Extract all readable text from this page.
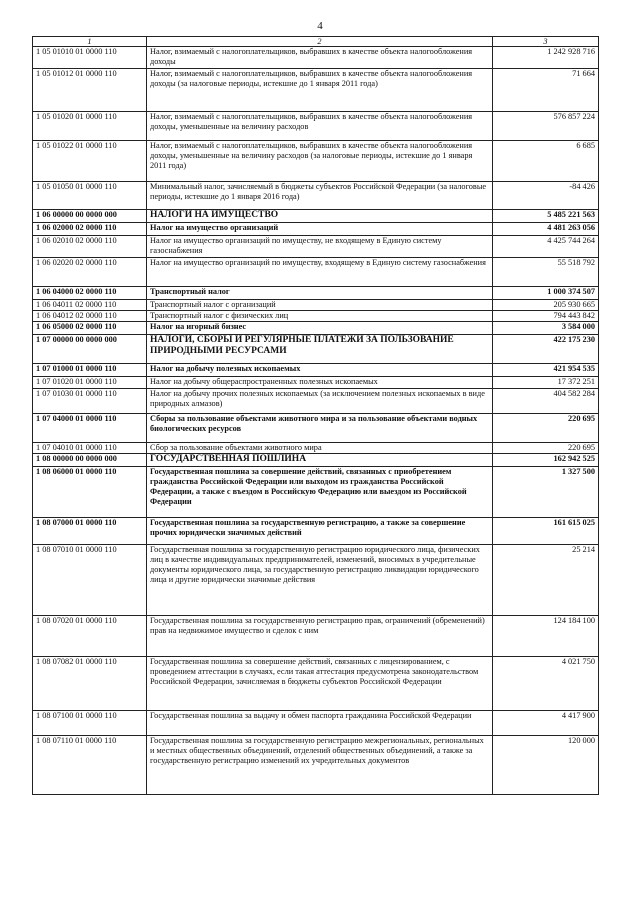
4
1	2	3
1 05 01010 01 0000 110	Налог, взимаемый с налогоплательщиков, выбравших в качестве объекта налогообложения доходы	1 242 928 716
1 05 01012 01 0000 110	Налог, взимаемый с налогоплательщиков, выбравших в качестве объекта налогообложения доходы (за налоговые периоды, истекшие до 1 января 2011 года)	71 664
1 05 01020 01 0000 110	Налог, взимаемый с налогоплательщиков, выбравших в качестве объекта налогообложения доходы, уменьшенные на величину расходов	576 857 224
1 05 01022 01 0000 110	Налог, взимаемый с налогоплательщиков, выбравших в качестве объекта налогообложения доходы, уменьшенные на величину расходов (за налоговые периоды, истекшие до 1 января 2011 года)	6 685
1 05 01050 01 0000 110	Минимальный налог, зачисляемый в бюджеты субъектов Российской Федерации (за налоговые периоды, истекшие до 1 января 2016 года)	-84 426
1 06 00000 00 0000 000	НАЛОГИ НА ИМУЩЕСТВО	5 485 221 563
1 06 02000 02 0000 110	Налог на имущество организаций	4 481 263 056
1 06 02010 02 0000 110	Налог на имущество организаций по имуществу, не входящему в Единую систему газоснабжения	4 425 744 264
1 06 02020 02 0000 110	Налог на имущество организаций по имуществу, входящему в Единую систему газоснабжения	55 518 792
1 06 04000 02 0000 110	Транспортный налог	1 000 374 507
1 06 04011 02 0000 110	Транспортный налог с организаций	205 930 665
1 06 04012 02 0000 110	Транспортный налог с физических лиц	794 443 842
1 06 05000 02 0000 110	Налог на игорный бизнес	3 584 000
1 07 00000 00 0000 000	НАЛОГИ, СБОРЫ И РЕГУЛЯРНЫЕ ПЛАТЕЖИ ЗА ПОЛЬЗОВАНИЕ ПРИРОДНЫМИ РЕСУРСАМИ	422 175 230
1 07 01000 01 0000 110	Налог на добычу полезных ископаемых	421 954 535
1 07 01020 01 0000 110	Налог на добычу общераспространенных полезных ископаемых	17 372 251
1 07 01030 01 0000 110	Налог на добычу прочих полезных ископаемых (за исключением полезных ископаемых в виде природных алмазов)	404 582 284
1 07 04000 01 0000 110	Сборы за пользование объектами животного мира и за пользование объектами водных биологических ресурсов	220 695
1 07 04010 01 0000 110	Сбор за пользование объектами животного мира	220 695
1 08 00000 00 0000 000	ГОСУДАРСТВЕННАЯ ПОШЛИНА	162 942 525
1 08 06000 01 0000 110	Государственная пошлина за совершение действий, связанных с приобретением гражданства Российской Федерации или выходом из гражданства Российской Федерации, а также с въездом в Российскую Федерацию или выездом из Российской Федерации	1 327 500
1 08 07000 01 0000 110	Государственная пошлина за государственную регистрацию, а также за совершение прочих юридически значимых действий	161 615 025
1 08 07010 01 0000 110	Государственная пошлина за государственную регистрацию юридического лица, физических лиц в качестве индивидуальных предпринимателей, изменений, вносимых в учредительные документы юридического лица, за государственную регистрацию ликвидации юридического лица и другие юридически значимые действия	25 214
1 08 07020 01 0000 110	Государственная пошлина за государственную регистрацию прав, ограничений (обременений) прав на недвижимое имущество и сделок с ним	124 184 100
1 08 07082 01 0000 110	Государственная пошлина за совершение действий, связанных с лицензированием, с проведением аттестации в случаях, если такая аттестация предусмотрена законодательством Российской Федерации, зачисляемая в бюджеты субъектов Российской Федерации	4 021 750
1 08 07100 01 0000 110	Государственная пошлина за выдачу и обмен паспорта гражданина Российской Федерации	4 417 900
1 08 07110 01 0000 110	Государственная пошлина за государственную регистрацию межрегиональных, региональных и местных общественных объединений, отделений общественных объединений, а также за государственную регистрацию изменений их учредительных документов	120 000
